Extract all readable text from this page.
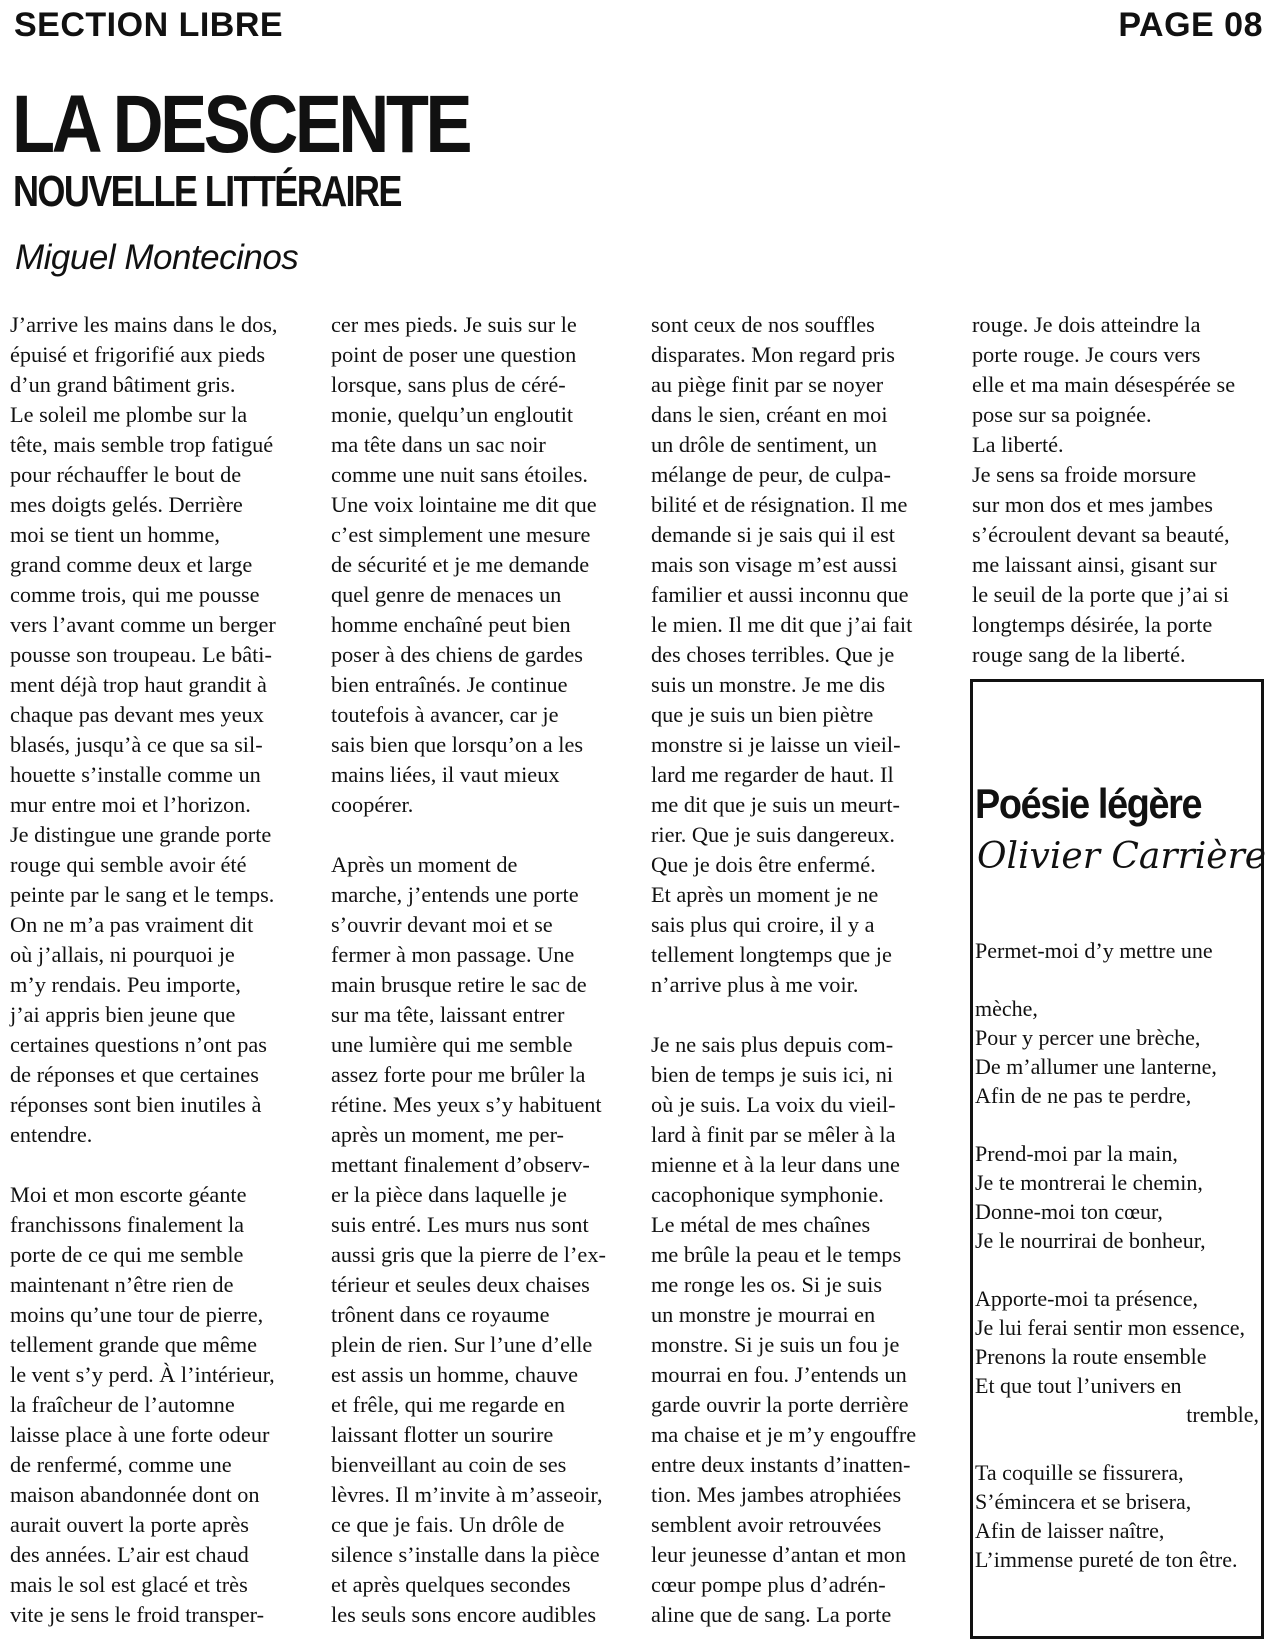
SECTION LIBRE	PAGE 08
LA DESCENTE
NOUVELLE LITTÉRAIRE
Miguel Montecinos

J’arrive les mains dans le dos,

épuisé et frigorifié aux pieds

d’un grand bâtiment gris.

Le soleil me plombe sur la

tête, mais semble trop fatigué

pour réchauffer le bout de

mes doigts gelés. Derrière

moi se tient un homme,

grand comme deux et large

comme trois, qui me pousse

vers l’avant comme un berger

pousse son troupeau. Le bâti-

ment déjà trop haut grandit à

chaque pas devant mes yeux

blasés, jusqu’à ce que sa sil-

houette s’installe comme un

mur entre moi et l’horizon.

Je distingue une grande porte

rouge qui semble avoir été

peinte par le sang et le temps.

On ne m’a pas vraiment dit

où j’allais, ni pourquoi je

m’y rendais. Peu importe,

j’ai appris bien jeune que

certaines questions n’ont pas

de réponses et que certaines

réponses sont bien inutiles à

entendre.

Moi et mon escorte géante

franchissons finalement la

porte de ce qui me semble

maintenant n’être rien de

moins qu’une tour de pierre,

tellement grande que même

le vent s’y perd. À l’intérieur,

la fraîcheur de l’automne

laisse place à une forte odeur

de renfermé, comme une

maison abandonnée dont on

aurait ouvert la porte après

des années. L’air est chaud

mais le sol est glacé et très

vite je sens le froid transper-

cer mes pieds. Je suis sur le

point de poser une question

lorsque, sans plus de céré-

monie, quelqu’un engloutit

ma tête dans un sac noir

comme une nuit sans étoiles.

Une voix lointaine me dit que

c’est simplement une mesure

de sécurité et je me demande

quel genre de menaces un

homme enchaîné peut bien

poser à des chiens de gardes

bien entraînés. Je continue

toutefois à avancer, car je

sais bien que lorsqu’on a les

mains liées, il vaut mieux

coopérer.

Après un moment de

marche, j’entends une porte

s’ouvrir devant moi et se

fermer à mon passage. Une

main brusque retire le sac de

sur ma tête, laissant entrer

une lumière qui me semble

assez forte pour me brûler la

rétine. Mes yeux s’y habituent

après un moment, me per-

mettant finalement d’observ-

er la pièce dans laquelle je

suis entré. Les murs nus sont

aussi gris que la pierre de l’ex-

térieur et seules deux chaises

trônent dans ce royaume

plein de rien. Sur l’une d’elle

est assis un homme, chauve

et frêle, qui me regarde en

laissant flotter un sourire

bienveillant au coin de ses

lèvres. Il m’invite à m’asseoir,

ce que je fais. Un drôle de

silence s’installe dans la pièce

et après quelques secondes

les seuls sons encore audibles

sont ceux de nos souffles

disparates. Mon regard pris

au piège finit par se noyer

dans le sien, créant en moi

un drôle de sentiment, un

mélange de peur, de culpa-

bilité et de résignation. Il me

demande si je sais qui il est

mais son visage m’est aussi

familier et aussi inconnu que

le mien. Il me dit que j’ai fait

des choses terribles. Que je

suis un monstre. Je me dis

que je suis un bien piètre

monstre si je laisse un vieil-

lard me regarder de haut. Il

me dit que je suis un meurt-

rier. Que je suis dangereux.

Que je dois être enfermé.

Et après un moment je ne

sais plus qui croire, il y a

tellement longtemps que je

n’arrive plus à me voir.

Je ne sais plus depuis com-

bien de temps je suis ici, ni

où je suis. La voix du vieil-

lard à finit par se mêler à la

mienne et à la leur dans une

cacophonique symphonie.

Le métal de mes chaînes

me brûle la peau et le temps

me ronge les os. Si je suis

un monstre je mourrai en

monstre. Si je suis un fou je

mourrai en fou. J’entends un

garde ouvrir la porte derrière

ma chaise et je m’y engouffre

entre deux instants d’inatten-

tion. Mes jambes atrophiées

semblent avoir retrouvées

leur jeunesse d’antan et mon

cœur pompe plus d’adrén-

aline que de sang. La porte

rouge. Je dois atteindre la

porte rouge. Je cours vers

elle et ma main désespérée se

pose sur sa poignée.

La liberté.

Je sens sa froide morsure

sur mon dos et mes jambes

s’écroulent devant sa beauté,

me laissant ainsi, gisant sur

le seuil de la porte que j’ai si

longtemps désirée, la porte

rouge sang de la liberté.

Poésie légère
Olivier Carrière

Permet-moi d’y mettre une

mèche,

Pour y percer une brèche,

De m’allumer une lanterne,

Afin de ne pas te perdre,

Prend-moi par la main,

Je te montrerai le chemin,

Donne-moi ton cœur,

Je le nourrirai de bonheur,

Apporte-moi ta présence,

Je lui ferai sentir mon essence,

Prenons la route ensemble

Et que tout l’univers en

tremble,

Ta coquille se fissurera,

S’émincera et se brisera,

Afin de laisser naître,

L’immense pureté de ton être.
